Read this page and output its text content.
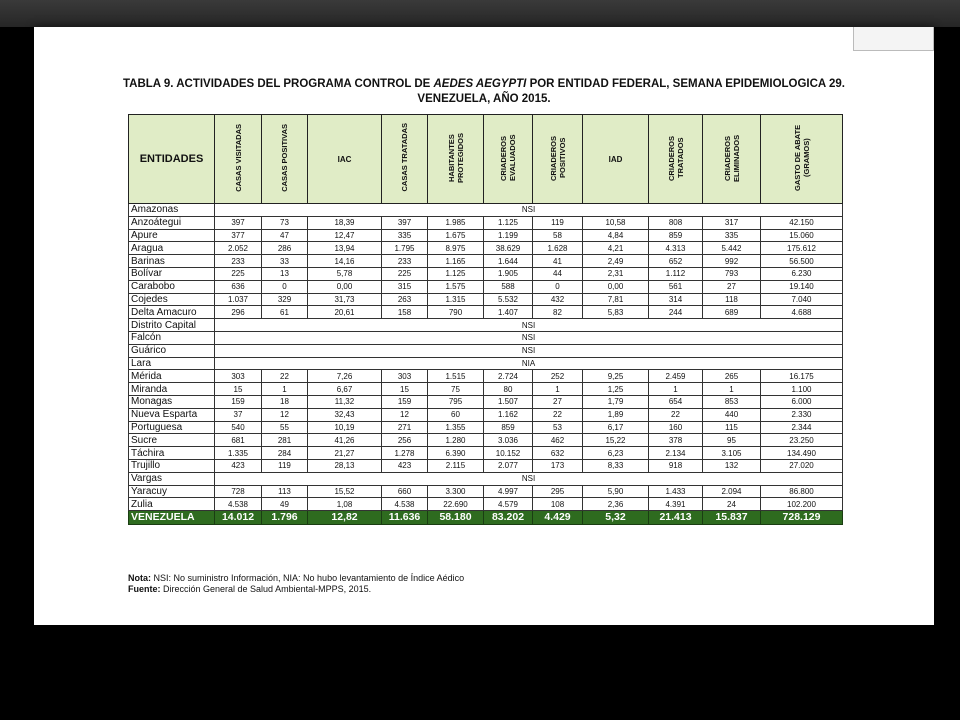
TABLA 9. ACTIVIDADES DEL PROGRAMA CONTROL DE AEDES AEGYPTI POR ENTIDAD FEDERAL, SEMANA EPIDEMIOLOGICA 29.
VENEZUELA, AÑO 2015.
ENTIDADES	CASAS VISITADAS	CASAS POSITIVAS	IAC	CASAS TRATADAS	HABITANTES PROTEGIDOS	CRIADEROS EVALUADOS	CRIADEROS POSITIVOS	IAD	CRIADEROS TRATADOS	CRIADEROS ELIMINADOS	GASTO DE ABATE (GRAMOS)
Amazonas	NSI										
Anzoátegui	397	73	18,39	397	1.985	1.125	119	10,58	808	317	42.150
Apure	377	47	12,47	335	1.675	1.199	58	4,84	859	335	15.060
Aragua	2.052	286	13,94	1.795	8.975	38.629	1.628	4,21	4.313	5.442	175.612
Barinas	233	33	14,16	233	1.165	1.644	41	2,49	652	992	56.500
Bolívar	225	13	5,78	225	1.125	1.905	44	2,31	1.112	793	6.230
Carabobo	636	0	0,00	315	1.575	588	0	0,00	561	27	19.140
Cojedes	1.037	329	31,73	263	1.315	5.532	432	7,81	314	118	7.040
Delta Amacuro	296	61	20,61	158	790	1.407	82	5,83	244	689	4.688
Distrito Capital	NSI										
Falcón	NSI										
Guárico	NSI										
Lara	NIA										
Mérida	303	22	7,26	303	1.515	2.724	252	9,25	2.459	265	16.175
Miranda	15	1	6,67	15	75	80	1	1,25	1	1	1.100
Monagas	159	18	11,32	159	795	1.507	27	1,79	654	853	6.000
Nueva Esparta	37	12	32,43	12	60	1.162	22	1,89	22	440	2.330
Portuguesa	540	55	10,19	271	1.355	859	53	6,17	160	115	2.344
Sucre	681	281	41,26	256	1.280	3.036	462	15,22	378	95	23.250
Táchira	1.335	284	21,27	1.278	6.390	10.152	632	6,23	2.134	3.105	134.490
Trujillo	423	119	28,13	423	2.115	2.077	173	8,33	918	132	27.020
Vargas	NSI										
Yaracuy	728	113	15,52	660	3.300	4.997	295	5,90	1.433	2.094	86.800
Zulia	4.538	49	1,08	4.538	22.690	4.579	108	2,36	4.391	24	102.200
VENEZUELA	14.012	1.796	12,82	11.636	58.180	83.202	4.429	5,32	21.413	15.837	728.129
Nota: NSI: No suministro Información, NIA: No hubo levantamiento de Índice Aédico
Fuente: Dirección General de Salud Ambiental-MPPS, 2015.
